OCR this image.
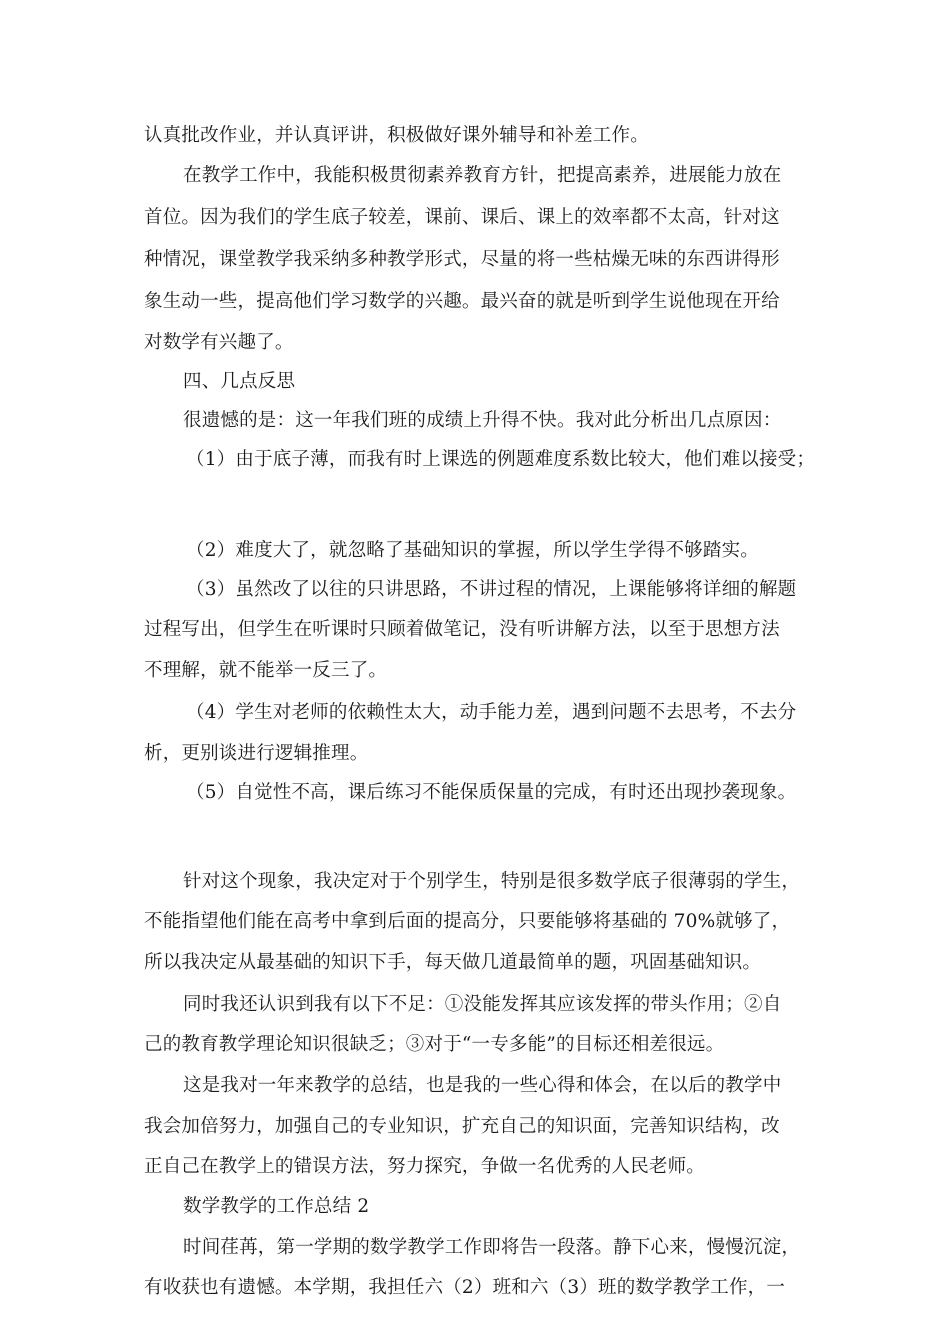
认真批改作业，并认真评讲，积极做好课外辅导和补差工作。
在教学工作中，我能积极贯彻素养教育方针，把提高素养，进展能力放在
首位。因为我们的学生底子较差，课前、课后、课上的效率都不太高，针对这
种情况，课堂教学我采纳多种教学形式，尽量的将一些枯燥无味的东西讲得形
象生动一些，提高他们学习数学的兴趣。最兴奋的就是听到学生说他现在开给
对数学有兴趣了。
四、几点反思
很遗憾的是：这一年我们班的成绩上升得不快。我对此分析出几点原因：
（1）由于底子薄，而我有时上课选的例题难度系数比较大，他们难以接受；
（2）难度大了，就忽略了基础知识的掌握，所以学生学得不够踏实。
（3）虽然改了以往的只讲思路，不讲过程的情况，上课能够将详细的解题
过程写出，但学生在听课时只顾着做笔记，没有听讲解方法，以至于思想方法
不理解，就不能举一反三了。
（4）学生对老师的依赖性太大，动手能力差，遇到问题不去思考，不去分
析，更别谈进行逻辑推理。
（5）自觉性不高，课后练习不能保质保量的完成，有时还出现抄袭现象。
针对这个现象，我决定对于个别学生，特别是很多数学底子很薄弱的学生，
不能指望他们能在高考中拿到后面的提高分，只要能够将基础的 70%就够了，
所以我决定从最基础的知识下手，每天做几道最简单的题，巩固基础知识。
同时我还认识到我有以下不足：①没能发挥其应该发挥的带头作用；②自
己的教育教学理论知识很缺乏；③对于“一专多能”的目标还相差很远。
这是我对一年来教学的总结，也是我的一些心得和体会，在以后的教学中
我会加倍努力，加强自己的专业知识，扩充自己的知识面，完善知识结构，改
正自己在教学上的错误方法，努力探究，争做一名优秀的人民老师。
数学教学的工作总结 2
时间荏苒，第一学期的数学教学工作即将告一段落。静下心来，慢慢沉淀，
有收获也有遗憾。本学期，我担任六（2）班和六（3）班的数学教学工作，一
